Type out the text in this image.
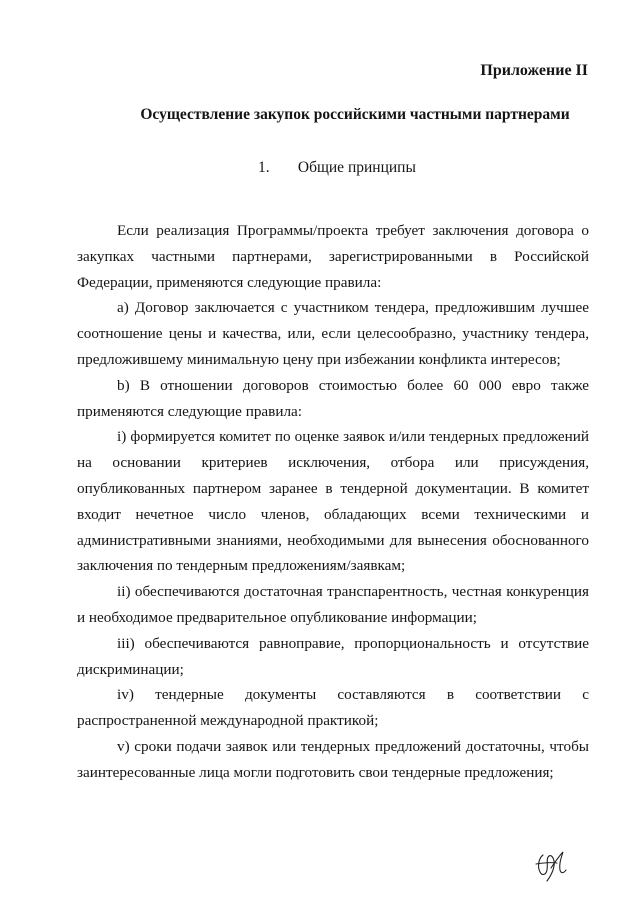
Приложение II
Осуществление закупок российскими частными партнерами
1. Общие принципы

Если реализация Программы/проекта требует заключения договора о закупках частными партнерами, зарегистрированными в Российской Федерации, применяются следующие правила:

a) Договор заключается с участником тендера, предложившим лучшее соотношение цены и качества, или, если целесообразно, участнику тендера, предложившему минимальную цену при избежании конфликта интересов;

b) В отношении договоров стоимостью более 60 000 евро также применяются следующие правила:

i) формируется комитет по оценке заявок и/или тендерных предложений на основании критериев исключения, отбора или присуждения, опубликованных партнером заранее в тендерной документации. В комитет входит нечетное число членов, обладающих всеми техническими и административными знаниями, необходимыми для вынесения обоснованного заключения по тендерным предложениям/заявкам;

ii) обеспечиваются достаточная транспарентность, честная конкуренция и необходимое предварительное опубликование информации;

iii) обеспечиваются равноправие, пропорциональность и отсутствие дискриминации;

iv) тендерные документы составляются в соответствии с распространенной международной практикой;

v) сроки подачи заявок или тендерных предложений достаточны, чтобы заинтересованные лица могли подготовить свои тендерные предложения;
